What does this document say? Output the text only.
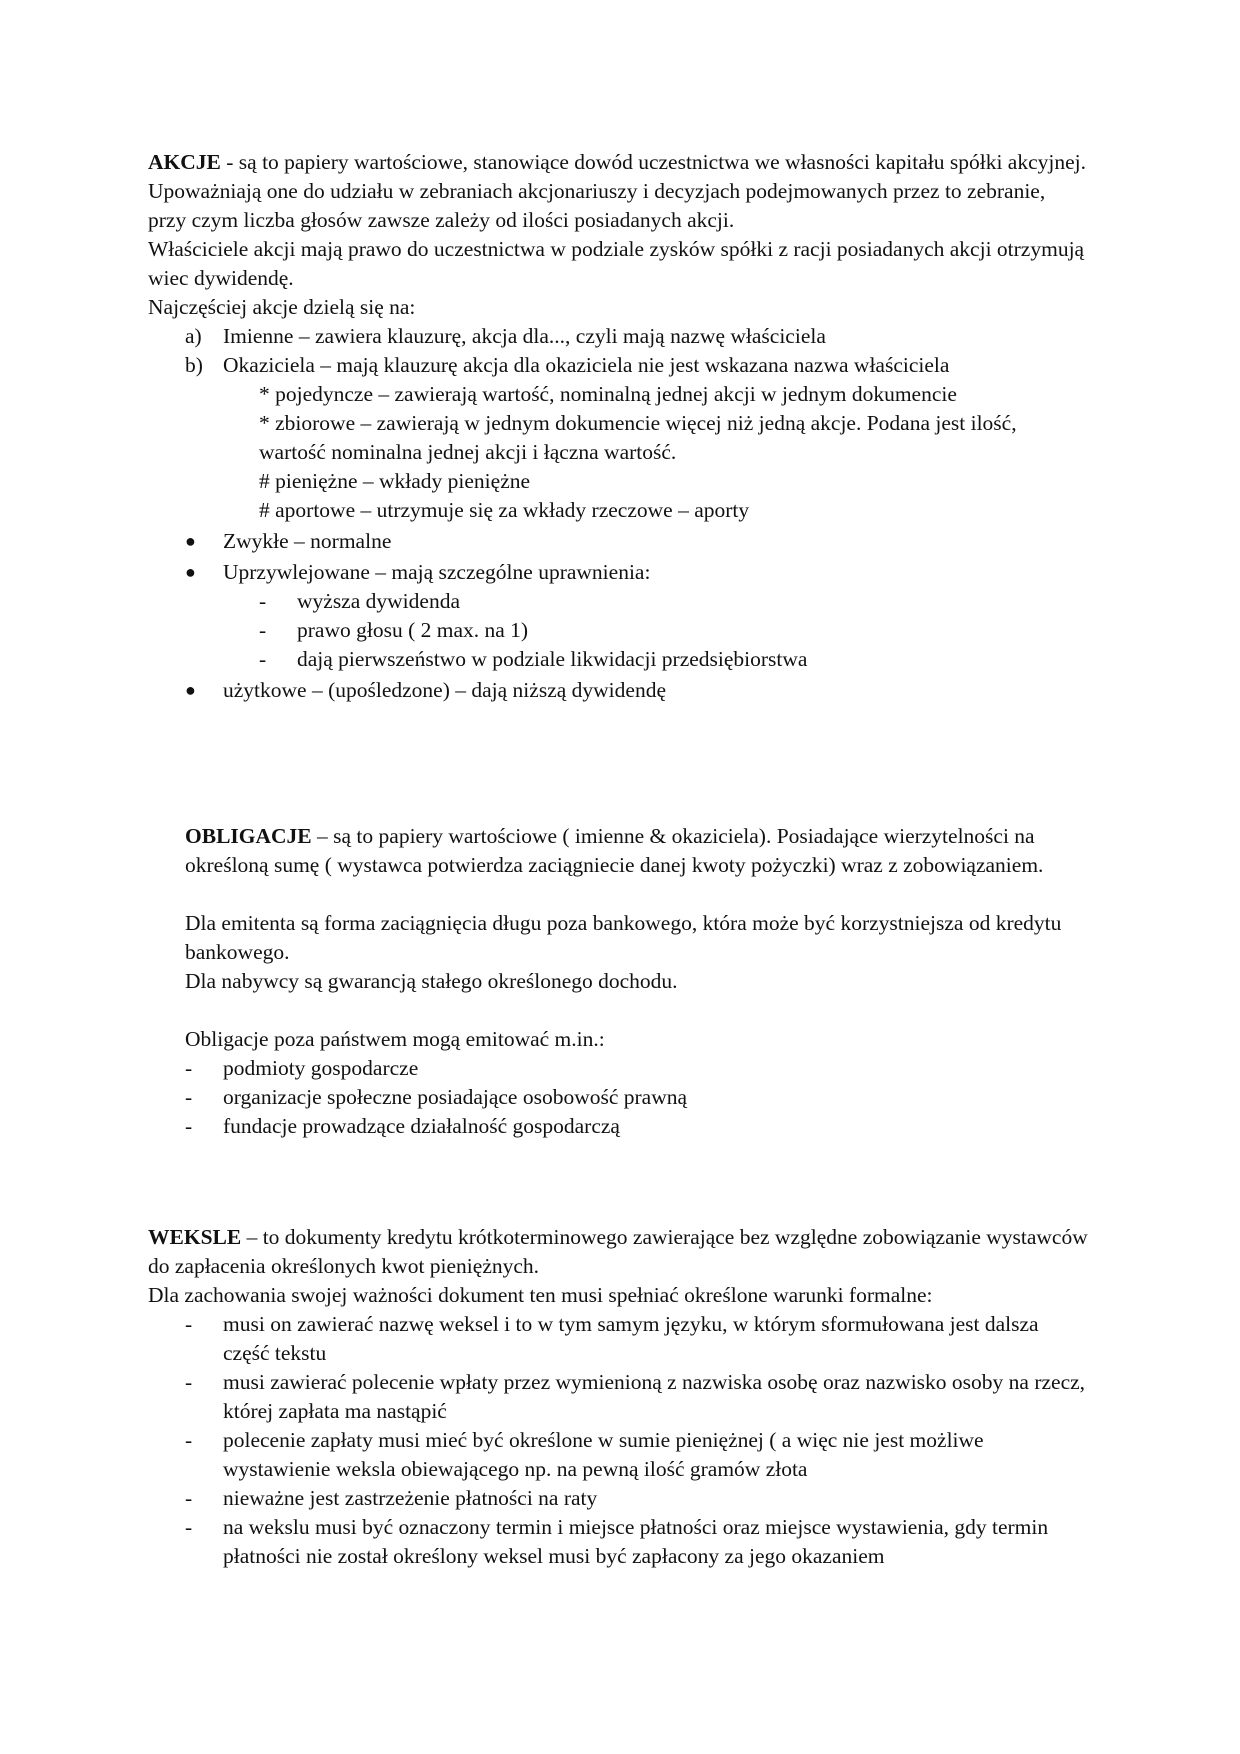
AKCJE - są to papiery wartościowe, stanowiące dowód uczestnictwa we własności kapitału spółki akcyjnej.

Upoważniają one do udziału w zebraniach akcjonariuszy i decyzjach podejmowanych przez to zebranie, przy czym liczba głosów zawsze zależy od ilości posiadanych akcji.

Właściciele akcji mają prawo do uczestnictwa w podziale zysków spółki z racji posiadanych akcji otrzymują wiec dywidendę.

Najczęściej akcje dzielą się na:

a) Imienne – zawiera klauzurę, akcja dla..., czyli mają nazwę właściciela
b) Okaziciela – mają klauzurę akcja dla okaziciela nie jest wskazana nazwa właściciela

* pojedyncze – zawierają wartość, nominalną jednej akcji w jednym dokumencie

* zbiorowe – zawierają w jednym dokumencie więcej niż jedną akcje. Podana jest ilość, wartość nominalna jednej akcji i łączna wartość.

# pieniężne – wkłady pieniężne

# aportowe – utrzymuje się za wkłady rzeczowe – aporty

●	Zwykłe – normalne
●	Uprzywlejowane – mają szczególne uprawnienia:
-	wyższa dywidenda
-	prawo głosu ( 2 max. na 1)
-	dają pierwszeństwo w podziale likwidacji przedsiębiorstwa
●	użytkowe – (upośledzone) – dają niższą dywidendę

OBLIGACJE – są to papiery wartościowe ( imienne & okaziciela). Posiadające wierzytelności na określoną sumę ( wystawca potwierdza zaciągniecie danej kwoty pożyczki) wraz z zobowiązaniem.

Dla emitenta są forma zaciągnięcia długu poza bankowego, która może być korzystniejsza od kredytu bankowego.

Dla nabywcy są gwarancją stałego określonego dochodu.

Obligacje poza państwem mogą emitować m.in.:

-	podmioty gospodarcze
-	organizacje społeczne posiadające osobowość prawną
-	fundacje prowadzące działalność gospodarczą

WEKSLE – to dokumenty kredytu krótkoterminowego zawierające bez względne zobowiązanie wystawców do zapłacenia określonych kwot pieniężnych.

Dla zachowania swojej ważności dokument ten musi spełniać określone warunki formalne:

-	musi on zawierać nazwę weksel i to w tym samym języku, w którym sformułowana jest dalsza część tekstu
-	musi zawierać polecenie wpłaty przez wymienioną z nazwiska osobę oraz nazwisko osoby na rzecz, której zapłata ma nastąpić
-	polecenie zapłaty musi mieć być określone w sumie pieniężnej ( a więc nie jest możliwe wystawienie weksla obiewającego np. na pewną ilość gramów złota
-	nieważne jest zastrzeżenie płatności na raty
-	na wekslu musi być oznaczony termin i miejsce płatności oraz miejsce wystawienia, gdy termin płatności nie został określony weksel musi być zapłacony za jego okazaniem
